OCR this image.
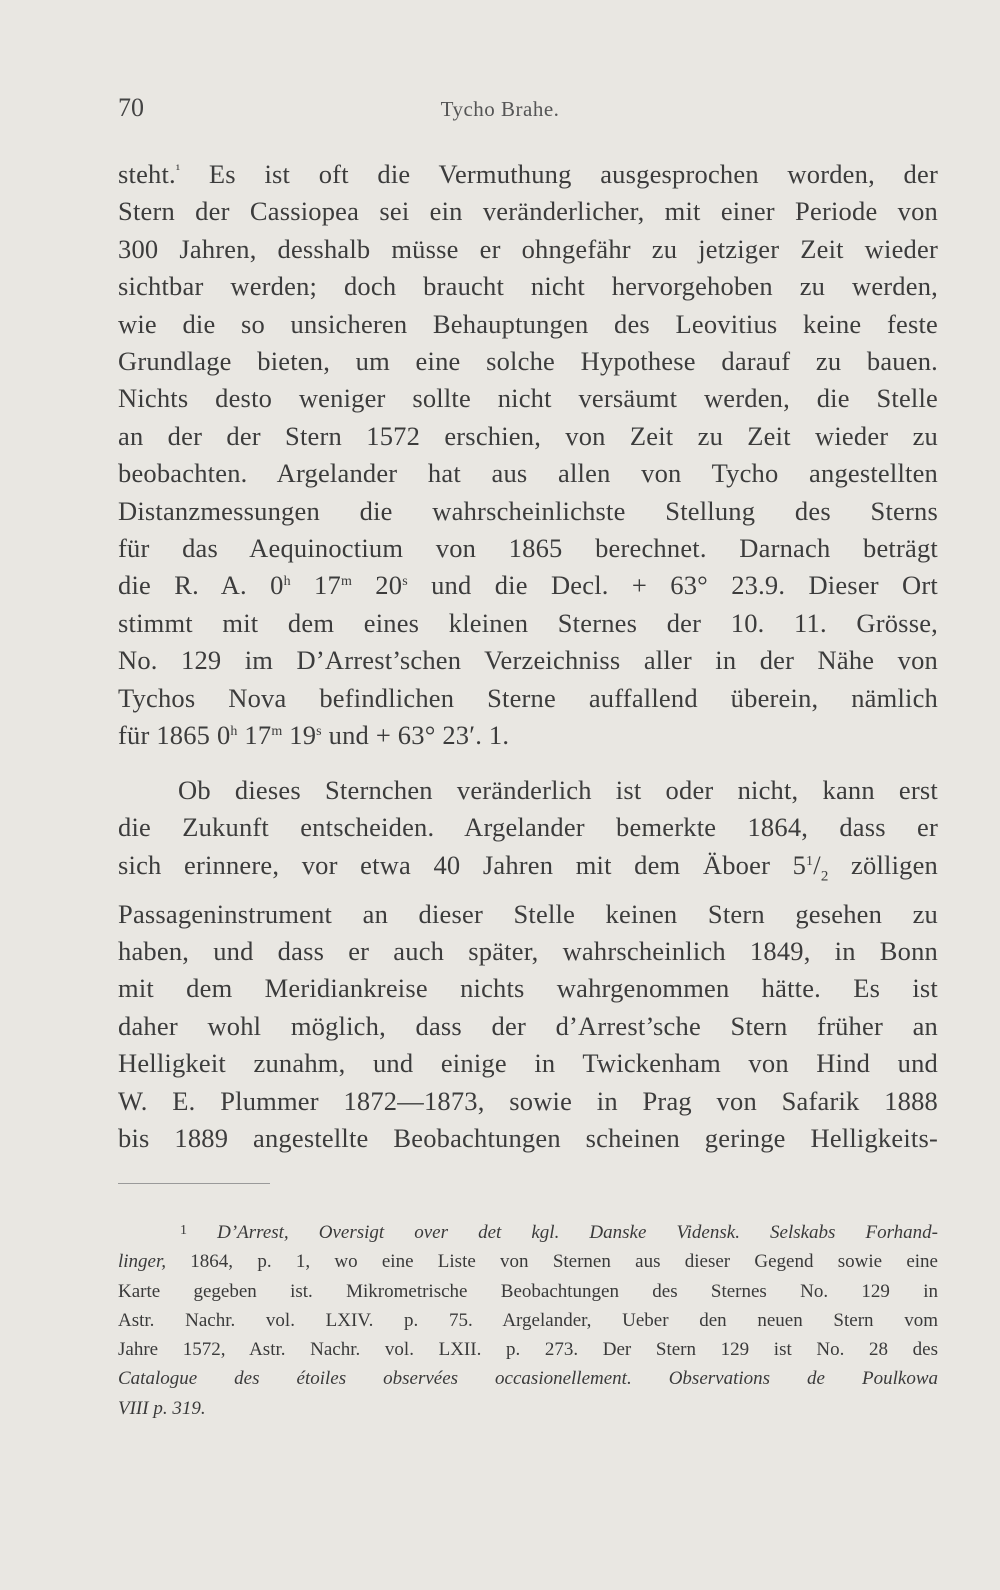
70	Tycho Brahe.
steht.$^{^1}$ Es ist oft die Vermuthung ausgesprochen worden, der
Stern der Cassiopea sei ein veränderlicher, mit einer Periode von
300 Jahren, desshalb müsse er ohngefähr zu jetziger Zeit wieder
sichtbar werden; doch braucht nicht hervorgehoben zu werden,
wie die so unsicheren Behauptungen des Leovitius keine feste
Grundlage bieten, um eine solche Hypothese darauf zu bauen.
Nichts desto weniger sollte nicht versäumt werden, die Stelle
an der der Stern 1572 erschien, von Zeit zu Zeit wieder zu
beobachten. Argelander hat aus allen von Tycho angestellten
Distanzmessungen die wahrscheinlichste Stellung des Sterns
für das Aequinoctium von 1865 berechnet. Darnach beträgt
die R. A. 0$^h$ 17$^m$ 20$^s$ und die Decl. + 63° 23.9. Dieser Ort
stimmt mit dem eines kleinen Sternes der 10. 11. Grösse,
No. 129 im D’Arrest’schen Verzeichniss aller in der Nähe von
Tychos Nova befindlichen Sterne auffallend überein, nämlich
für 1865 0$^h$ 17$^m$ 19$^s$ und + 63° 23′. 1.
Ob dieses Sternchen veränderlich ist oder nicht, kann erst
die Zukunft entscheiden. Argelander bemerkte 1864, dass er
sich erinnere, vor etwa 40 Jahren mit dem Äboer $5^1/_2$ zölligen
Passageninstrument an dieser Stelle keinen Stern gesehen zu
haben, und dass er auch später, wahrscheinlich 1849, in Bonn
mit dem Meridiankreise nichts wahrgenommen hätte. Es ist
daher wohl möglich, dass der d’Arrest’sche Stern früher an
Helligkeit zunahm, und einige in Twickenham von Hind und
W. E. Plummer 1872—1873, sowie in Prag von Safarik 1888
bis 1889 angestellte Beobachtungen scheinen geringe Helligkeits-
$^1$ D’Arrest, Oversigt over det kgl. Danske Vidensk. Selskabs Forhand-
linger, 1864, p. 1, wo eine Liste von Sternen aus dieser Gegend sowie eine
Karte gegeben ist. Mikrometrische Beobachtungen des Sternes No. 129 in
Astr. Nachr. vol. LXIV. p. 75. Argelander, Ueber den neuen Stern vom
Jahre 1572, Astr. Nachr. vol. LXII. p. 273. Der Stern 129 ist No. 28 des
Catalogue des étoiles observées occasionellement. Observations de Poulkowa
VIII p. 319.
